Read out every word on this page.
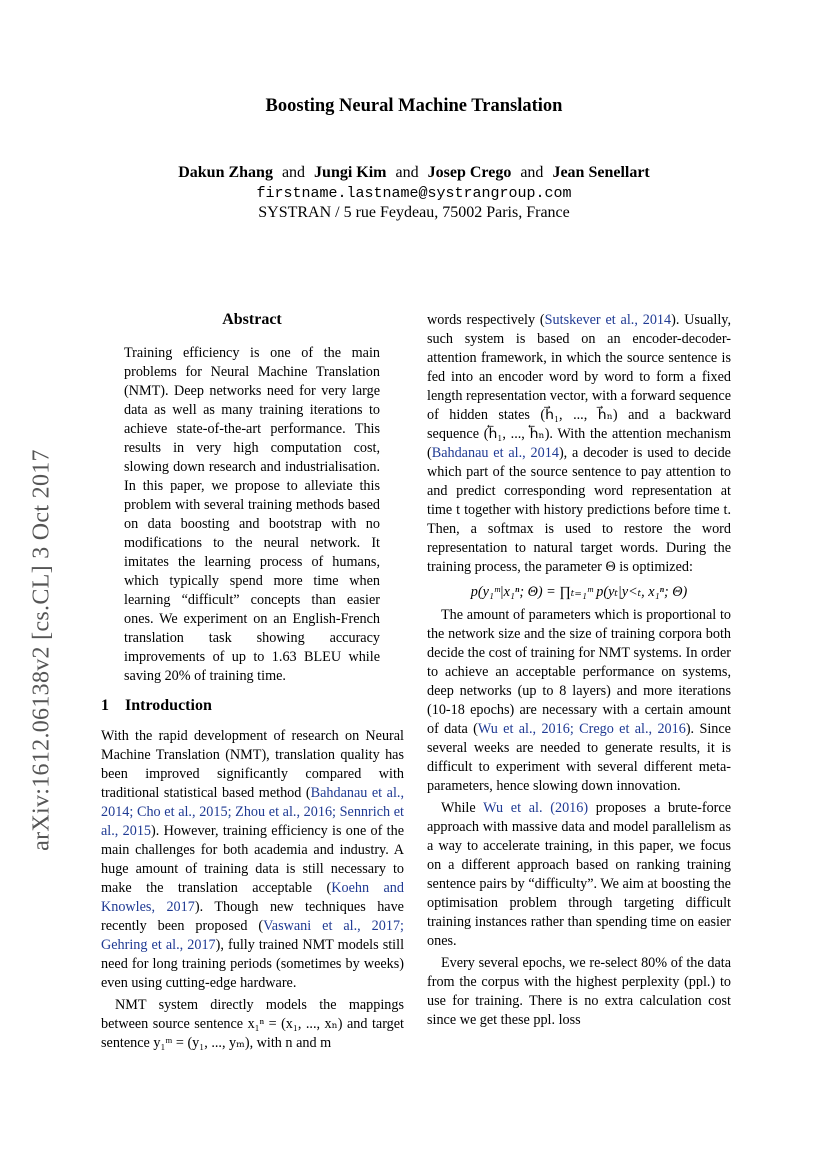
arXiv:1612.06138v2 [cs.CL] 3 Oct 2017
Boosting Neural Machine Translation
Dakun Zhang and Jungi Kim and Josep Crego and Jean Senellart
firstname.lastname@systrangroup.com
SYSTRAN / 5 rue Feydeau, 75002 Paris, France
Abstract
Training efficiency is one of the main problems for Neural Machine Translation (NMT). Deep networks need for very large data as well as many training iterations to achieve state-of-the-art performance. This results in very high computation cost, slowing down research and industrialisation. In this paper, we propose to alleviate this problem with several training methods based on data boosting and bootstrap with no modifications to the neural network. It imitates the learning process of humans, which typically spend more time when learning “difficult” concepts than easier ones. We experiment on an English-French translation task showing accuracy improvements of up to 1.63 BLEU while saving 20% of training time.
1 Introduction

With the rapid development of research on Neural Machine Translation (NMT), translation quality has been improved significantly compared with traditional statistical based method (Bahdanau et al., 2014; Cho et al., 2015; Zhou et al., 2016; Sennrich et al., 2015). However, training efficiency is one of the main challenges for both academia and industry. A huge amount of training data is still necessary to make the translation acceptable (Koehn and Knowles, 2017). Though new techniques have recently been proposed (Vaswani et al., 2017; Gehring et al., 2017), fully trained NMT models still need for long training periods (sometimes by weeks) even using cutting-edge hardware.

NMT system directly models the mappings between source sentence x₁ⁿ = (x₁, ..., xₙ) and target sentence y₁ᵐ = (y₁, ..., yₘ), with n and m

words respectively (Sutskever et al., 2014). Usually, such system is based on an encoder-decoder-attention framework, in which the source sentence is fed into an encoder word by word to form a fixed length representation vector, with a forward sequence of hidden states (h⃗₁, ..., h⃗ₙ) and a backward sequence (h⃖₁, ..., h⃖ₙ). With the attention mechanism (Bahdanau et al., 2014), a decoder is used to decide which part of the source sentence to pay attention to and predict corresponding word representation at time t together with history predictions before time t. Then, a softmax is used to restore the word representation to natural target words. During the training process, the parameter Θ is optimized:

p(y₁ᵐ|x₁ⁿ; Θ) = ∏ₜ₌₁ᵐ p(yₜ|y<ₜ, x₁ⁿ; Θ)

The amount of parameters which is proportional to the network size and the size of training corpora both decide the cost of training for NMT systems. In order to achieve an acceptable performance on systems, deep networks (up to 8 layers) and more iterations (10-18 epochs) are necessary with a certain amount of data (Wu et al., 2016; Crego et al., 2016). Since several weeks are needed to generate results, it is difficult to experiment with several different meta-parameters, hence slowing down innovation.

While Wu et al. (2016) proposes a brute-force approach with massive data and model parallelism as a way to accelerate training, in this paper, we focus on a different approach based on ranking training sentence pairs by “difficulty”. We aim at boosting the optimisation problem through targeting difficult training instances rather than spending time on easier ones.

Every several epochs, we re-select 80% of the data from the corpus with the highest perplexity (ppl.) to use for training. There is no extra calculation cost since we get these ppl. loss
